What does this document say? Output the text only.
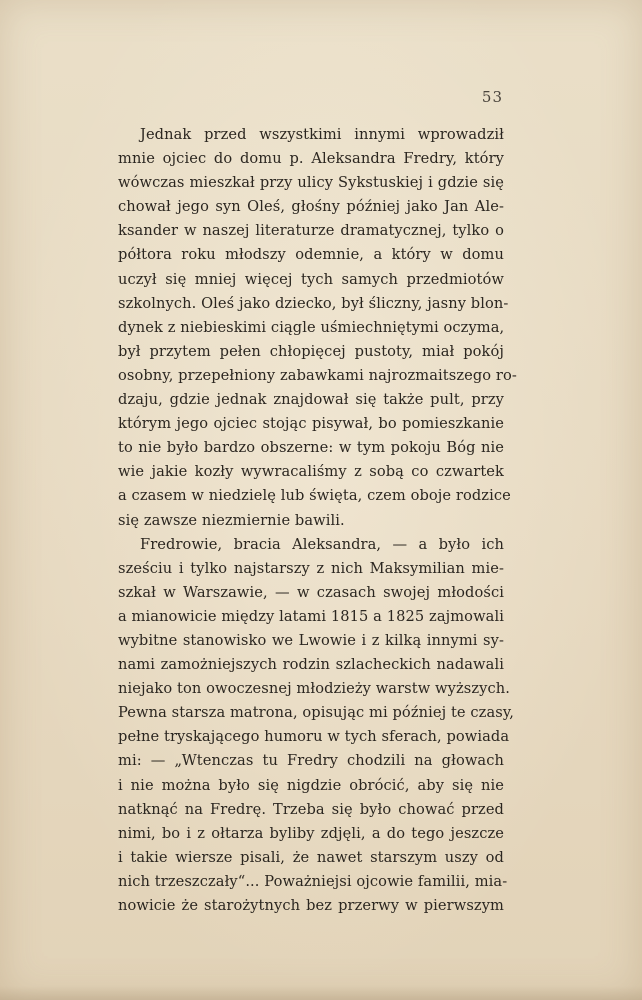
53
Jednak przed wszystkimi innymi wprowadził
mnie ojciec do domu p. Aleksandra Fredry, który
wówczas mieszkał przy ulicy Sykstuskiej i gdzie się
chował jego syn Oleś, głośny później jako Jan Ale-
ksander w naszej literaturze dramatycznej, tylko o
półtora roku młodszy odemnie, a który w domu
uczył się mniej więcej tych samych przedmiotów
szkolnych. Oleś jako dziecko, był śliczny, jasny blon-
dynek z niebieskimi ciągle uśmiechniętymi oczyma,
był przytem pełen chłopięcej pustoty, miał pokój
osobny, przepełniony zabawkami najrozmaitszego ro-
dzaju, gdzie jednak znajdował się także pult, przy
którym jego ojciec stojąc pisywał, bo pomieszkanie
to nie było bardzo obszerne: w tym pokoju Bóg nie
wie jakie kozły wywracaliśmy z sobą co czwartek
a czasem w niedzielę lub święta, czem oboje rodzice
się zawsze niezmiernie bawili.
Fredrowie, bracia Aleksandra, — a było ich
sześciu i tylko najstarszy z nich Maksymilian mie-
szkał w Warszawie, — w czasach swojej młodości
a mianowicie między latami 1815 a 1825 zajmowali
wybitne stanowisko we Lwowie i z kilką innymi sy-
nami zamożniejszych rodzin szlacheckich nadawali
niejako ton owoczesnej młodzieży warstw wyższych.
Pewna starsza matrona, opisując mi później te czasy,
pełne tryskającego humoru w tych sferach, powiada
mi: — „Wtenczas tu Fredry chodzili na głowach
i nie można było się nigdzie obrócić, aby się nie
natknąć na Fredrę. Trzeba się było chować przed
nimi, bo i z ołtarza byliby zdjęli, a do tego jeszcze
i takie wiersze pisali, że nawet starszym uszy od
nich trzeszczały“... Poważniejsi ojcowie familii, mia-
nowicie że starożytnych bez przerwy w pierwszym
